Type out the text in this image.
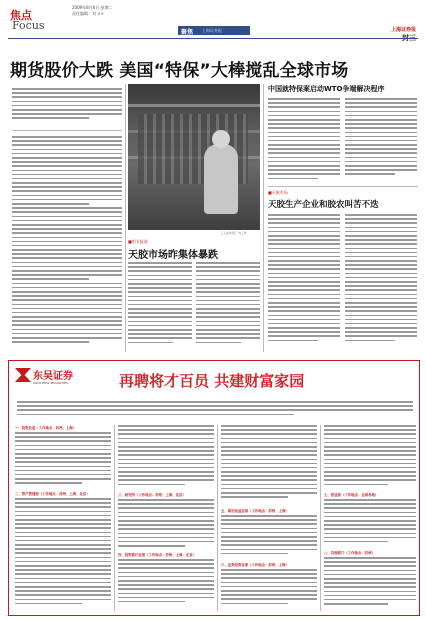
焦点
Focus
2009年8月6日 星期二
责任编辑：刘 ××
聚焦 上海证券报	上海证券报
期货股价大跌 美国“特保”大棒搅乱全球市场
工人在纺织厂内工作
■相关报道
天胶市场昨集体暴跌
中国就特保案启动WTO争端解决程序
■天胶市场
天胶生产企业和胶农叫苦不迭
东吴证券
SOOCHOW SECURITIES	再聘将才百员 共建财富家园
一、投资总监（工作地点：苏州、上海）
二、资产管理部（工作地点：苏州、上海、北京）	三、研究所（工作地点：苏州、上海、北京）
四、投资银行总部（工作地点：苏州、上海、北京）
五、固定收益总部（工作地点：苏州、上海）
六、证券投资总部（工作地点：苏州、上海）
七、营业部（工作地点：全国各地）
八、其他部门（工作地点：苏州）
